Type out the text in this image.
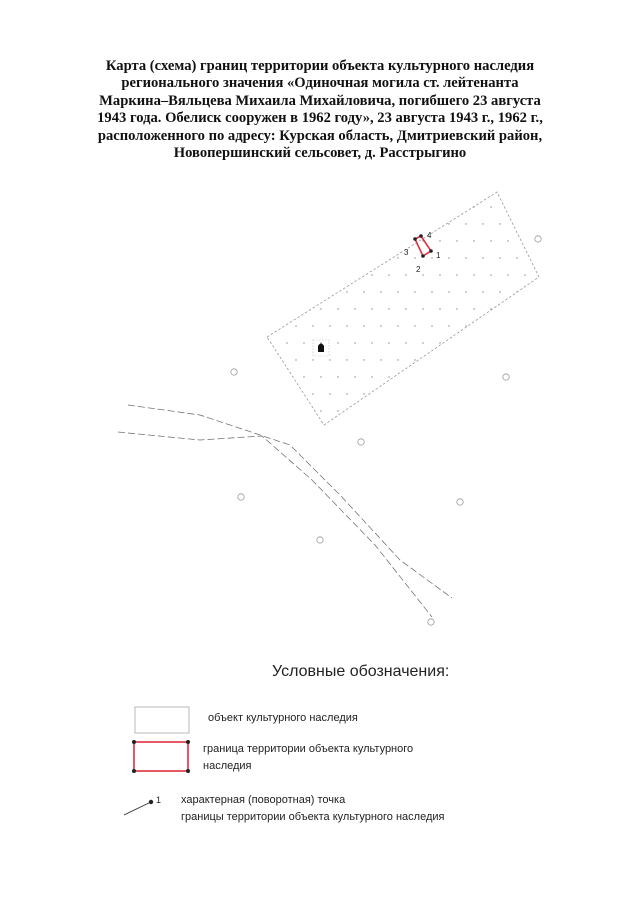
Карта (схема) границ территории объекта культурного наследия
регионального значения «Одиночная могила ст. лейтенанта
Маркина–Вяльцева Михаила Михайловича, погибшего 23 августа
1943 года. Обелиск сооружен в 1962 году», 23 августа 1943 г., 1962 г.,
расположенного по адресу: Курская область, Дмитриевский район,
Новопершинский сельсовет, д. Расстрыгино
1
2
3
4
1
Условные обозначения:
объект культурного наследия
граница территории объекта культурного
наследия
характерная (поворотная) точка
границы территории объекта культурного наследия
